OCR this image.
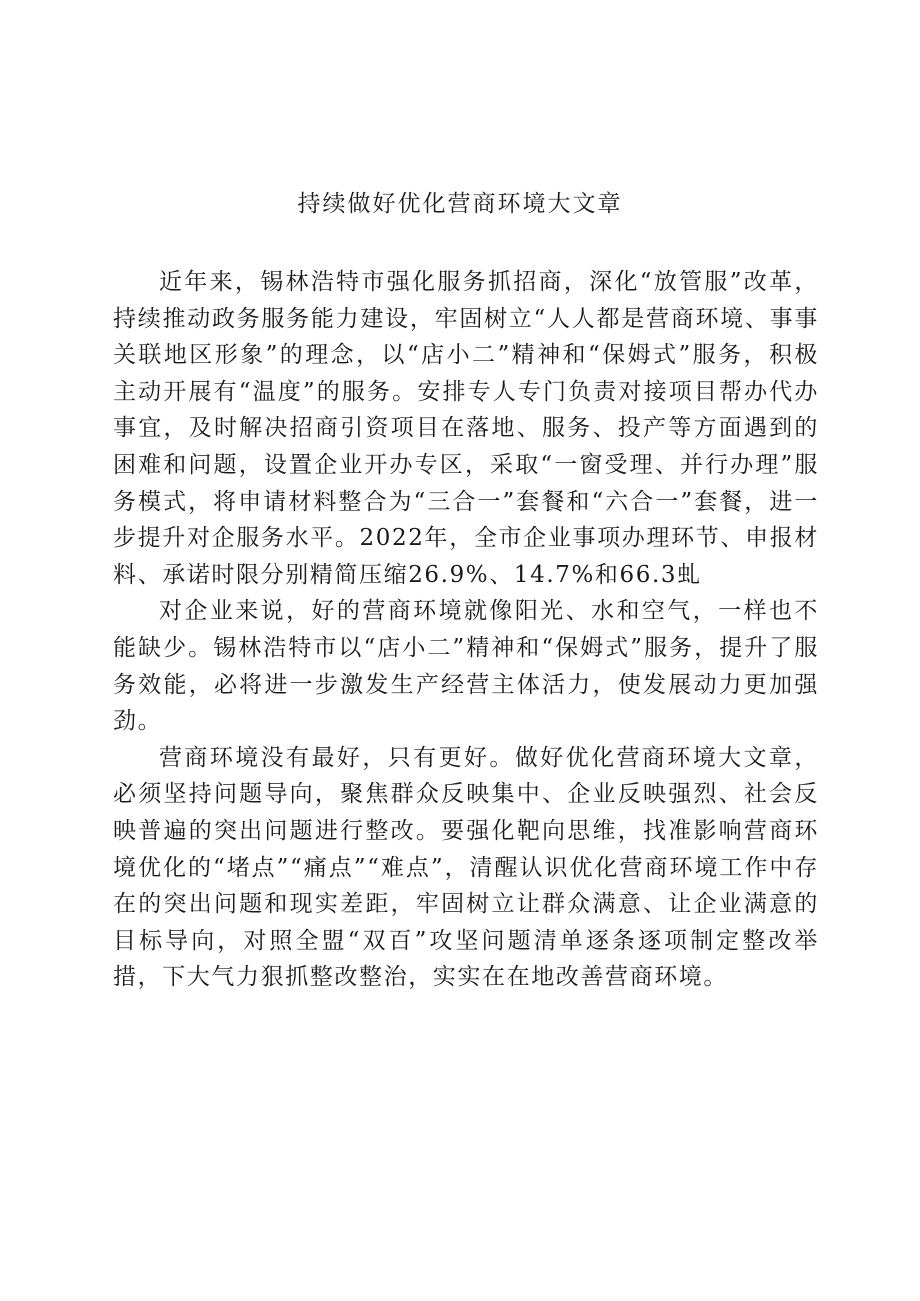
持续做好优化营商环境大文章

近年来，锡林浩特市强化服务抓招商，深化“放管服”改革，持续推动政务服务能力建设，牢固树立“人人都是营商环境、事事关联地区形象”的理念，以“店小二”精神和“保姆式”服务，积极主动开展有“温度”的服务。安排专人专门负责对接项目帮办代办事宜，及时解决招商引资项目在落地、服务、投产等方面遇到的困难和问题，设置企业开办专区，采取“一窗受理、并行办理”服务模式，将申请材料整合为“三合一”套餐和“六合一”套餐，进一步提升对企服务水平。2022年，全市企业事项办理环节、申报材料、承诺时限分别精简压缩26.9%、14.7%和66.3虬

对企业来说，好的营商环境就像阳光、水和空气，一样也不能缺少。锡林浩特市以“店小二”精神和“保姆式”服务，提升了服务效能，必将进一步激发生产经营主体活力，使发展动力更加强劲。

营商环境没有最好，只有更好。做好优化营商环境大文章，必须坚持问题导向，聚焦群众反映集中、企业反映强烈、社会反映普遍的突出问题进行整改。要强化靶向思维，找准影响营商环境优化的“堵点”“痛点”“难点”，清醒认识优化营商环境工作中存在的突出问题和现实差距，牢固树立让群众满意、让企业满意的目标导向，对照全盟“双百”攻坚问题清单逐条逐项制定整改举措，下大气力狠抓整改整治，实实在在地改善营商环境。
